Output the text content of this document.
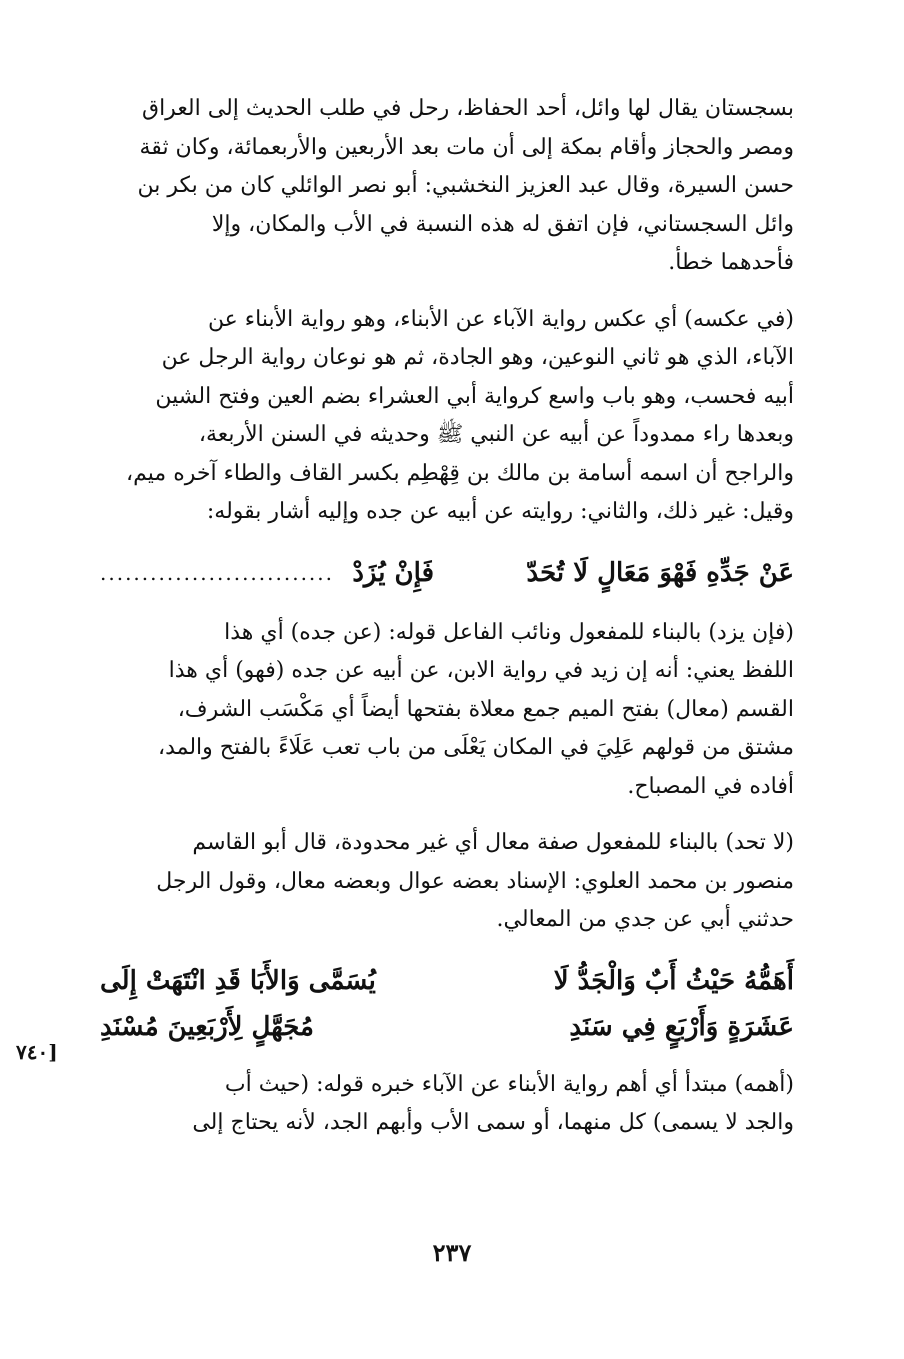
بسجستان يقال لها وائل، أحد الحفاظ، رحل في طلب الحديث إلى العراق
ومصر والحجاز وأقام بمكة إلى أن مات بعد الأربعين والأربعمائة، وكان ثقة
حسن السيرة، وقال عبد العزيز النخشبي: أبو نصر الوائلي كان من بكر بن
وائل السجستاني، فإن اتفق له هذه النسبة في الأب والمكان، وإلا
فأحدهما خطأ.
(في عكسه) أي عكس رواية الآباء عن الأبناء، وهو رواية الأبناء عن
الآباء، الذي هو ثاني النوعين، وهو الجادة، ثم هو نوعان رواية الرجل عن
أبيه فحسب، وهو باب واسع كرواية أبي العشراء بضم العين وفتح الشين
وبعدها راء ممدوداً عن أبيه عن النبي ﷺ وحديثه في السنن الأربعة،
والراجح أن اسمه أسامة بن مالك بن قِهْطِم بكسر القاف والطاء آخره ميم،
وقيل: غير ذلك، والثاني: روايته عن أبيه عن جده وإليه أشار بقوله:
فَإِنْ يُزَدْ	عَنْ جَدِّهِ فَهْوَ مَعَالٍ لَا تُحَدّ
............................
(فإن يزد) بالبناء للمفعول ونائب الفاعل قوله: (عن جده) أي هذا
اللفظ يعني: أنه إن زيد في رواية الابن، عن أبيه عن جده (فهو) أي هذا
القسم (معال) بفتح الميم جمع معلاة بفتحها أيضاً أي مَكْسَب الشرف،
مشتق من قولهم عَلِيَ في المكان يَعْلَى من باب تعب عَلَاءً بالفتح والمد،
أفاده في المصباح.
(لا تحد) بالبناء للمفعول صفة معال أي غير محدودة، قال أبو القاسم
منصور بن محمد العلوي: الإسناد بعضه عوال وبعضه معال، وقول الرجل
حدثني أبي عن جدي من المعالي.
أَهَمُّهُ حَيْثُ أَبٌ وَالْجَدُّ لَا
يُسَمَّى وَالأَبَا قَدِ انْتَهَتْ إِلَى
عَشَرَةٍ وَأَرْبَعٍ فِي سَنَدِ
مُجَهَّلٍ لِأَرْبَعِينَ مُسْنَدِ
(أهمه) مبتدأ أي أهم رواية الأبناء عن الآباء خبره قوله: (حيث أب
والجد لا يسمى) كل منهما، أو سمى الأب وأبهم الجد، لأنه يحتاج إلى
[٧٤٠
٢٣٧
